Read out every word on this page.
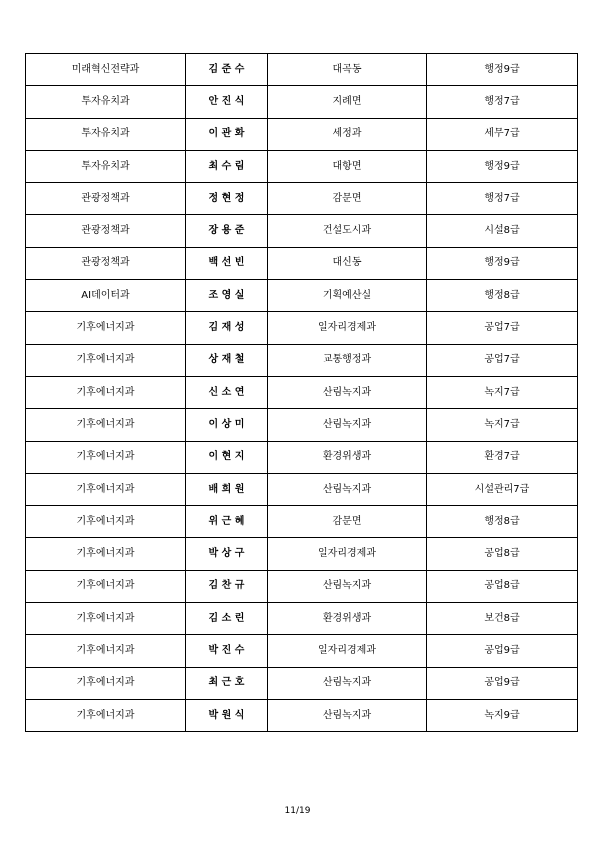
미래혁신전략과	김 준 수	대곡동	행정9급
투자유치과	안 진 식	지례면	행정7급
투자유치과	이 관 화	세정과	세무7급
투자유치과	최 수 림	대항면	행정9급
관광정책과	정 현 정	감문면	행정7급
관광정책과	장 용 준	건설도시과	시설8급
관광정책과	백 선 빈	대신동	행정9급
AI데이터과	조 영 실	기획예산실	행정8급
기후에너지과	김 재 성	일자리경제과	공업7급
기후에너지과	상 재 철	교통행정과	공업7급
기후에너지과	신 소 연	산림녹지과	녹지7급
기후에너지과	이 상 미	산림녹지과	녹지7급
기후에너지과	이 현 지	환경위생과	환경7급
기후에너지과	배 희 원	산림녹지과	시설관리7급
기후에너지과	위 근 혜	감문면	행정8급
기후에너지과	박 상 구	일자리경제과	공업8급
기후에너지과	김 찬 규	산림녹지과	공업8급
기후에너지과	김 소 린	환경위생과	보건8급
기후에너지과	박 진 수	일자리경제과	공업9급
기후에너지과	최 근 호	산림녹지과	공업9급
기후에너지과	박 원 식	산림녹지과	녹지9급
11/19
